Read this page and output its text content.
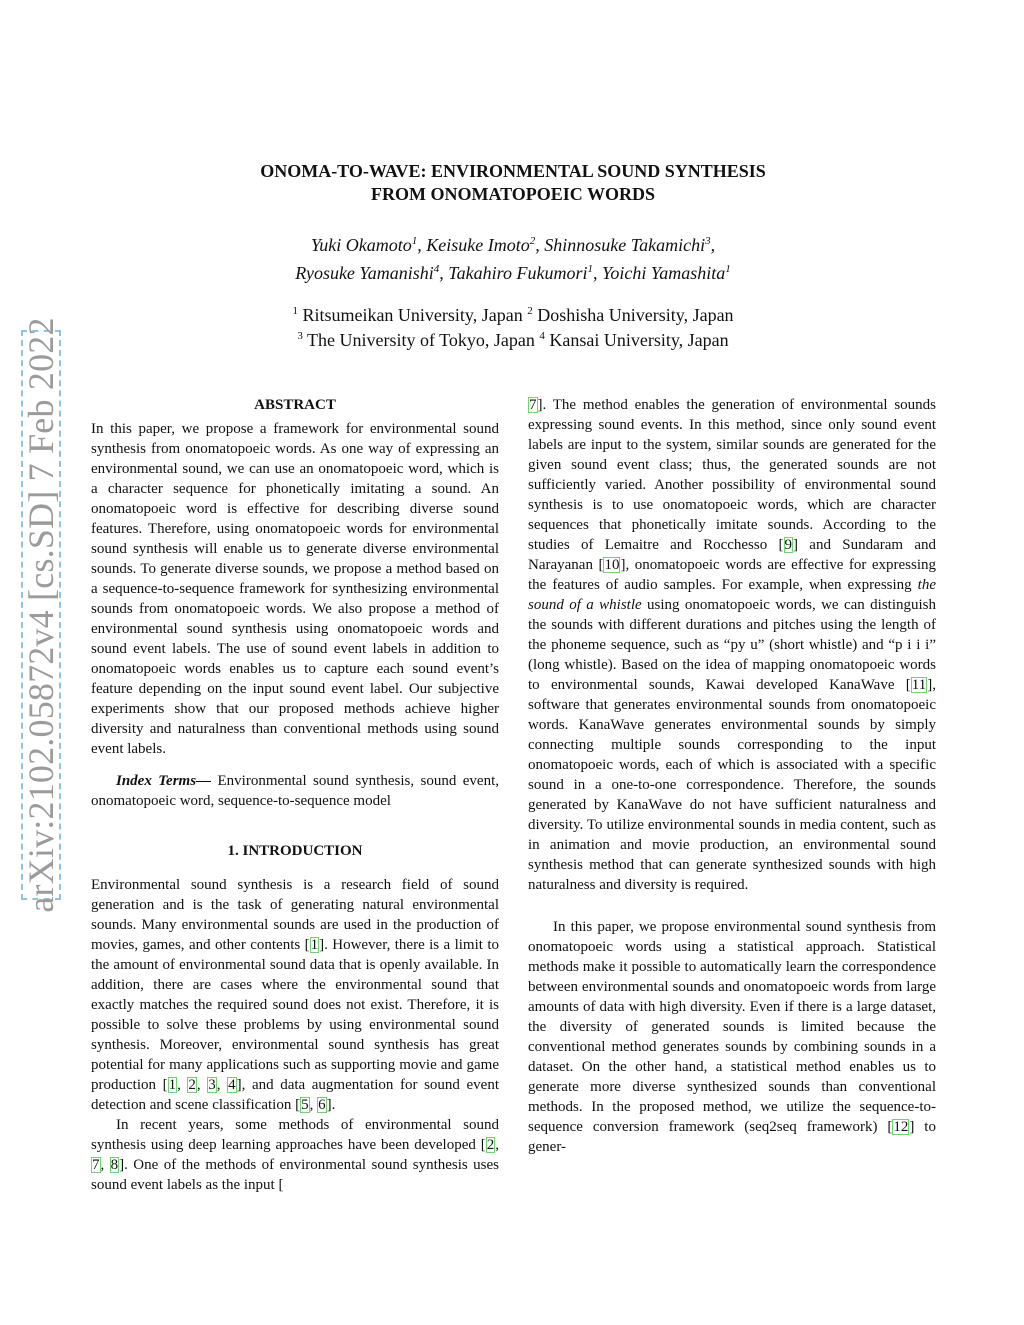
arXiv:2102.05872v4 [cs.SD] 7 Feb 2022
ONOMA-TO-WAVE: ENVIRONMENTAL SOUND SYNTHESIS
FROM ONOMATOPOEIC WORDS
Yuki Okamoto$^1$, Keisuke Imoto$^2$, Shinnosuke Takamichi$^3$,
Ryosuke Yamanishi$^4$, Takahiro Fukumori$^1$, Yoichi Yamashita$^1$
$^1$ Ritsumeikan University, Japan $^2$ Doshisha University, Japan
$^3$ The University of Tokyo, Japan $^4$ Kansai University, Japan

ABSTRACT

In this paper, we propose a framework for environmental sound synthesis from onomatopoeic words. As one way of expressing an environmental sound, we can use an onomatopoeic word, which is a character sequence for phonetically imitating a sound. An onomatopoeic word is effective for describing diverse sound features. Therefore, using onomatopoeic words for environmental sound synthesis will enable us to generate diverse environmental sounds. To generate diverse sounds, we propose a method based on a sequence-to-sequence framework for synthesizing environmental sounds from onomatopoeic words. We also propose a method of environmental sound synthesis using onomatopoeic words and sound event labels. The use of sound event labels in addition to onomatopoeic words enables us to capture each sound event’s feature depending on the input sound event label. Our subjective experiments show that our proposed methods achieve higher diversity and naturalness than conventional methods using sound event labels.

Index Terms— Environmental sound synthesis, sound event, onomatopoeic word, sequence-to-sequence model

1. INTRODUCTION

Environmental sound synthesis is a research field of sound generation and is the task of generating natural environmental sounds. Many environmental sounds are used in the production of movies, games, and other contents [1]. However, there is a limit to the amount of environmental sound data that is openly available. In addition, there are cases where the environmental sound that exactly matches the required sound does not exist. Therefore, it is possible to solve these problems by using environmental sound synthesis. Moreover, environmental sound synthesis has great potential for many applications such as supporting movie and game production [1, 2, 3, 4], and data augmentation for sound event detection and scene classification [5, 6].

In recent years, some methods of environmental sound synthesis using deep learning approaches have been developed [2, 7, 8]. One of the methods of environmental sound synthesis uses sound event labels as the input [

7]. The method enables the generation of environmental sounds expressing sound events. In this method, since only sound event labels are input to the system, similar sounds are generated for the given sound event class; thus, the generated sounds are not sufficiently varied. Another possibility of environmental sound synthesis is to use onomatopoeic words, which are character sequences that phonetically imitate sounds. According to the studies of Lemaitre and Rocchesso [9] and Sundaram and Narayanan [10], onomatopoeic words are effective for expressing the features of audio samples. For example, when expressing the sound of a whistle using onomatopoeic words, we can distinguish the sounds with different durations and pitches using the length of the phoneme sequence, such as “py u” (short whistle) and “p i i i” (long whistle). Based on the idea of mapping onomatopoeic words to environmental sounds, Kawai developed KanaWave [11], software that generates environmental sounds from onomatopoeic words. KanaWave generates environmental sounds by simply connecting multiple sounds corresponding to the input onomatopoeic words, each of which is associated with a specific sound in a one-to-one correspondence. Therefore, the sounds generated by KanaWave do not have sufficient naturalness and diversity. To utilize environmental sounds in media content, such as in animation and movie production, an environmental sound synthesis method that can generate synthesized sounds with high naturalness and diversity is required.

In this paper, we propose environmental sound synthesis from onomatopoeic words using a statistical approach. Statistical methods make it possible to automatically learn the correspondence between environmental sounds and onomatopoeic words from large amounts of data with high diversity. Even if there is a large dataset, the diversity of generated sounds is limited because the conventional method generates sounds by combining sounds in a dataset. On the other hand, a statistical method enables us to generate more diverse synthesized sounds than conventional methods. In the proposed method, we utilize the sequence-to-sequence conversion framework (seq2seq framework) [12] to gener-
